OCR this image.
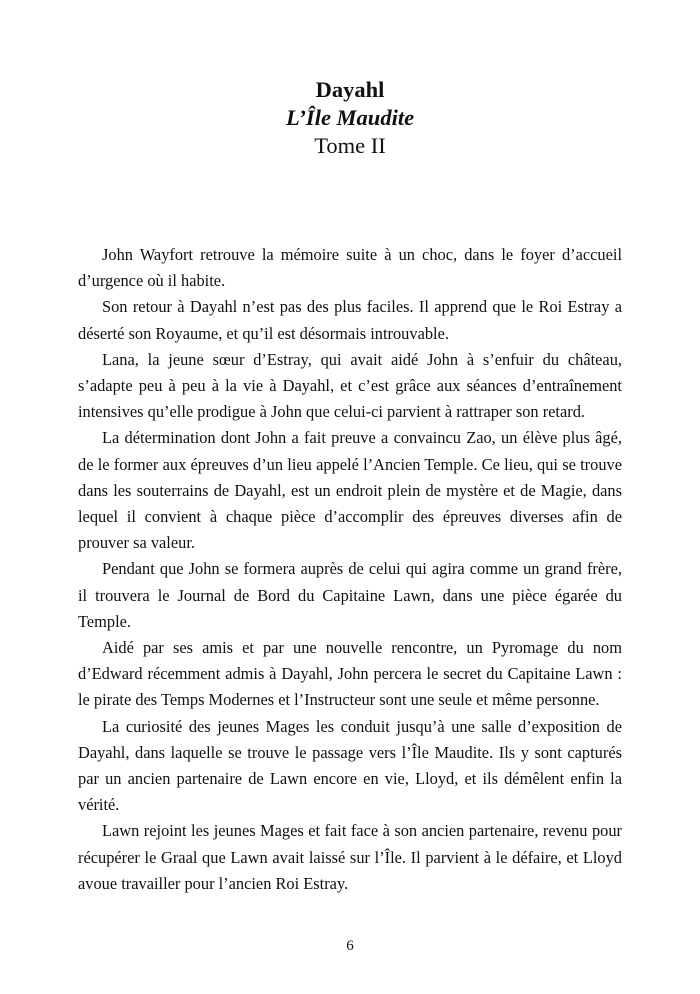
Dayahl
L’Île Maudite
Tome II

John Wayfort retrouve la mémoire suite à un choc, dans le foyer d’accueil d’urgence où il habite.

Son retour à Dayahl n’est pas des plus faciles. Il apprend que le Roi Estray a déserté son Royaume, et qu’il est désormais introuvable.

Lana, la jeune sœur d’Estray, qui avait aidé John à s’enfuir du château, s’adapte peu à peu à la vie à Dayahl, et c’est grâce aux séances d’entraînement intensives qu’elle prodigue à John que celui-ci parvient à rattraper son retard.

La détermination dont John a fait preuve a convaincu Zao, un élève plus âgé, de le former aux épreuves d’un lieu appelé l’Ancien Temple. Ce lieu, qui se trouve dans les souterrains de Dayahl, est un endroit plein de mystère et de Magie, dans lequel il convient à chaque pièce d’accomplir des épreuves diverses afin de prouver sa valeur.

Pendant que John se formera auprès de celui qui agira comme un grand frère, il trouvera le Journal de Bord du Capitaine Lawn, dans une pièce égarée du Temple.

Aidé par ses amis et par une nouvelle rencontre, un Pyromage du nom d’Edward récemment admis à Dayahl, John percera le secret du Capitaine Lawn : le pirate des Temps Modernes et l’Instructeur sont une seule et même personne.

La curiosité des jeunes Mages les conduit jusqu’à une salle d’exposition de Dayahl, dans laquelle se trouve le passage vers l’Île Maudite. Ils y sont capturés par un ancien partenaire de Lawn encore en vie, Lloyd, et ils démêlent enfin la vérité.

Lawn rejoint les jeunes Mages et fait face à son ancien partenaire, revenu pour récupérer le Graal que Lawn avait laissé sur l’Île. Il parvient à le défaire, et Lloyd avoue travailler pour l’ancien Roi Estray.

6
